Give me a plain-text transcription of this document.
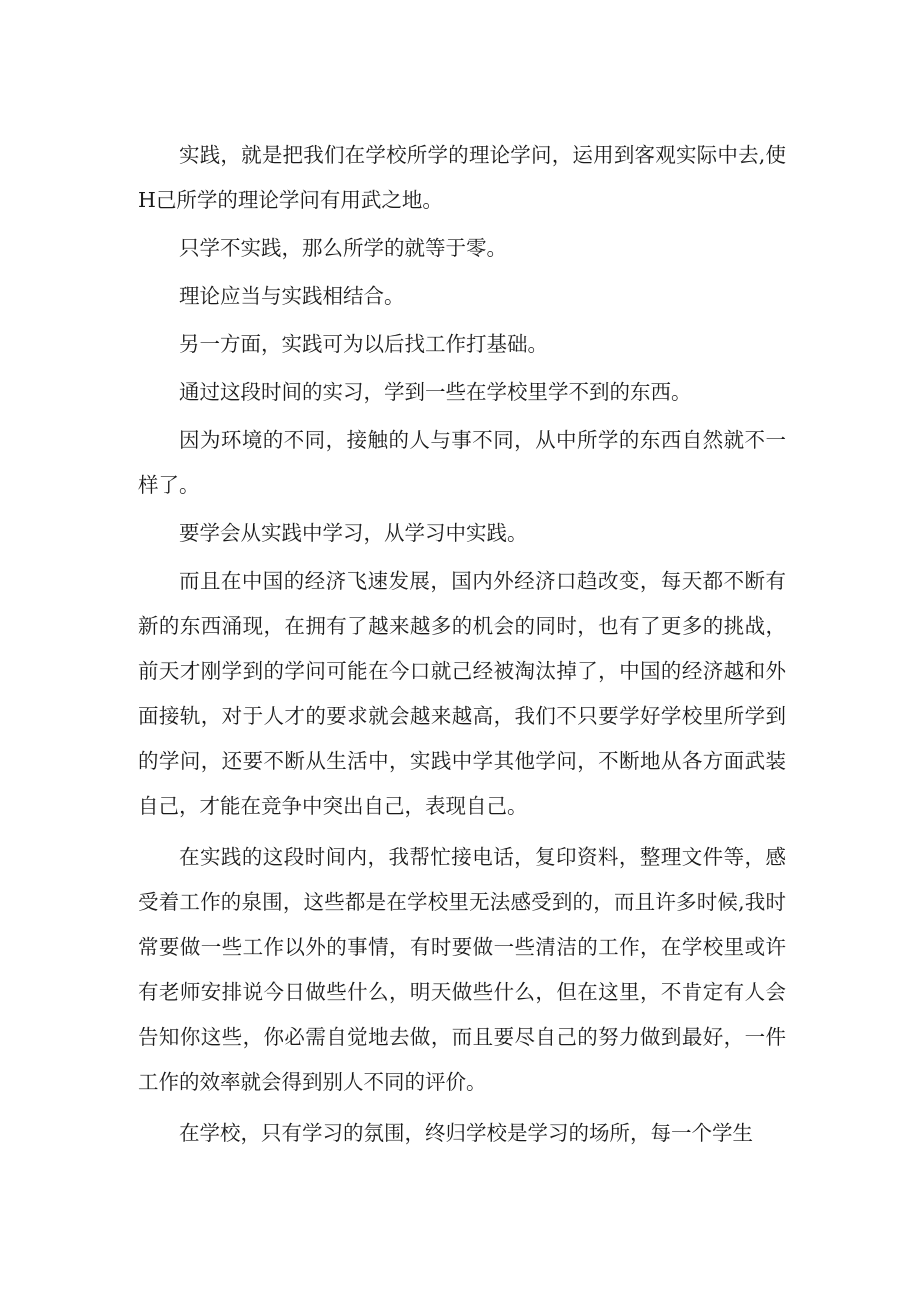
实践，就是把我们在学校所学的理论学问，运用到客观实际中去,使H己所学的理论学问有用武之地。

只学不实践，那么所学的就等于零。

理论应当与实践相结合。

另一方面，实践可为以后找工作打基础。

通过这段时间的实习，学到一些在学校里学不到的东西。

因为环境的不同，接触的人与事不同，从中所学的东西自然就不一样了。

要学会从实践中学习，从学习中实践。

而且在中国的经济飞速发展，国内外经济口趋改变，每天都不断有新的东西涌现，在拥有了越来越多的机会的同时，也有了更多的挑战，前天才刚学到的学问可能在今口就己经被淘汰掉了，中国的经济越和外面接轨，对于人才的要求就会越来越高，我们不只要学好学校里所学到的学问，还要不断从生活中，实践中学其他学问，不断地从各方面武装自己，才能在竞争中突出自己，表现自己。

在实践的这段时间内，我帮忙接电话，复印资料，整理文件等，感受着工作的泉围，这些都是在学校里无法感受到的，而且许多时候,我时常要做一些工作以外的事情，有时要做一些清洁的工作，在学校里或许有老师安排说今日做些什么，明天做些什么，但在这里，不肯定有人会告知你这些，你必需自觉地去做，而且要尽自己的努力做到最好，一件工作的效率就会得到别人不同的评价。

在学校，只有学习的氛围，终归学校是学习的场所，每一个学生
